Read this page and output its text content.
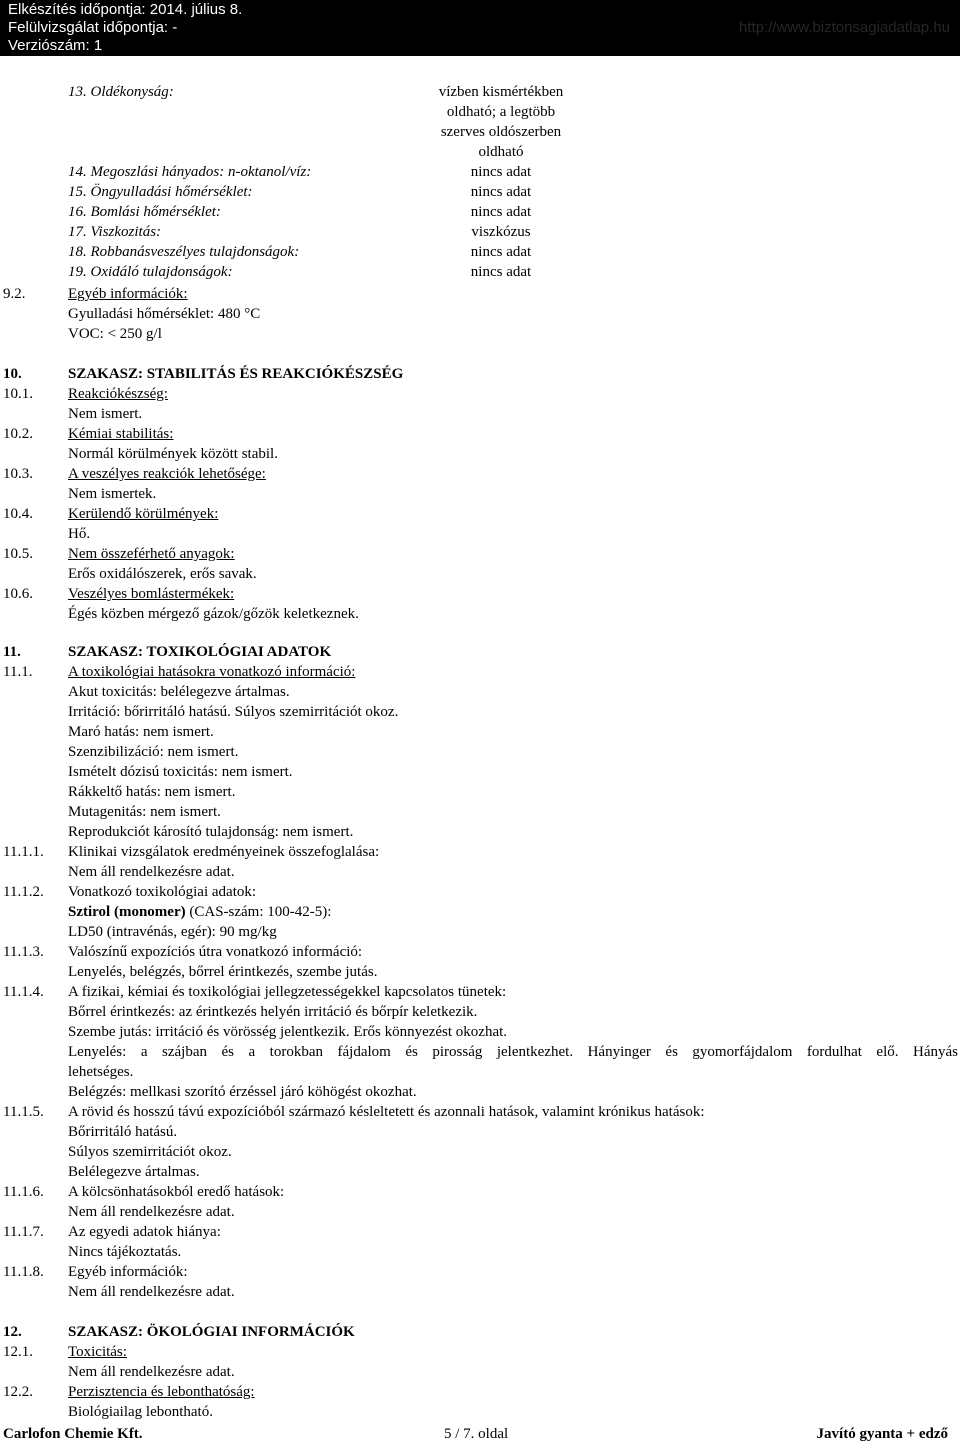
Elkészítés időpontja: 2014. július 8.
Felülvizsgálat időpontja: -
Verziószám: 1
http://www.biztonsagiadatlap.hu
13. Oldékonyság:	vízben kismértékben
oldható; a legtöbb
szerves oldószerben
oldható
14. Megoszlási hányados: n-oktanol/víz:	nincs adat
15. Öngyulladási hőmérséklet:	nincs adat
16. Bomlási hőmérséklet:	nincs adat
17. Viszkozitás:	viszkózus
18. Robbanásveszélyes tulajdonságok:	nincs adat
19. Oxidáló tulajdonságok:	nincs adat
9.2.	Egyéb információk:
Gyulladási hőmérséklet: 480 °C
VOC: < 250 g/l
10.	SZAKASZ: STABILITÁS ÉS REAKCIÓKÉSZSÉG
10.1. Reakciókészség:
Nem ismert.
10.2. Kémiai stabilitás:
Normál körülmények között stabil.
10.3. A veszélyes reakciók lehetősége:
Nem ismertek.
10.4. Kerülendő körülmények:
Hő.
10.5. Nem összeférhető anyagok:
Erős oxidálószerek, erős savak.
10.6. Veszélyes bomlástermékek:
Égés közben mérgező gázok/gőzök keletkeznek.
11.	SZAKASZ: TOXIKOLÓGIAI ADATOK
11.1. A toxikológiai hatásokra vonatkozó információ:
Akut toxicitás: belélegezve ártalmas.
Irritáció: bőrirritáló hatású. Súlyos szemirritációt okoz.
Maró hatás: nem ismert.
Szenzibilizáció: nem ismert.
Ismételt dózisú toxicitás: nem ismert.
Rákkeltő hatás: nem ismert.
Mutagenitás: nem ismert.
Reprodukciót károsító tulajdonság: nem ismert.
11.1.1. Klinikai vizsgálatok eredményeinek összefoglalása:
Nem áll rendelkezésre adat.
11.1.2. Vonatkozó toxikológiai adatok:
Sztirol (monomer) (CAS-szám: 100-42-5):
LD50 (intravénás, egér): 90 mg/kg
11.1.3. Valószínű expozíciós útra vonatkozó információ:
Lenyelés, belégzés, bőrrel érintkezés, szembe jutás.
11.1.4. A fizikai, kémiai és toxikológiai jellegzetességekkel kapcsolatos tünetek:
Bőrrel érintkezés: az érintkezés helyén irritáció és bőrpír keletkezik.
Szembe jutás: irritáció és vörösség jelentkezik. Erős könnyezést okozhat.
Lenyelés: a szájban és a torokban fájdalom és pirosság jelentkezhet. Hányinger és gyomorfájdalom fordulhat elő. Hányás
lehetséges.
Belégzés: mellkasi szorító érzéssel járó köhögést okozhat.
11.1.5. A rövid és hosszú távú expozícióból származó késleltetett és azonnali hatások, valamint krónikus hatások:
Bőrirritáló hatású.
Súlyos szemirritációt okoz.
Belélegezve ártalmas.
11.1.6. A kölcsönhatásokból eredő hatások:
Nem áll rendelkezésre adat.
11.1.7. Az egyedi adatok hiánya:
Nincs tájékoztatás.
11.1.8. Egyéb információk:
Nem áll rendelkezésre adat.
12.	SZAKASZ: ÖKOLÓGIAI INFORMÁCIÓK
12.1. Toxicitás:
Nem áll rendelkezésre adat.
12.2. Perzisztencia és lebonthatóság:
Biológiailag lebontható.
Carlofon Chemie Kft.	5 / 7. oldal	Javító gyanta + edző
